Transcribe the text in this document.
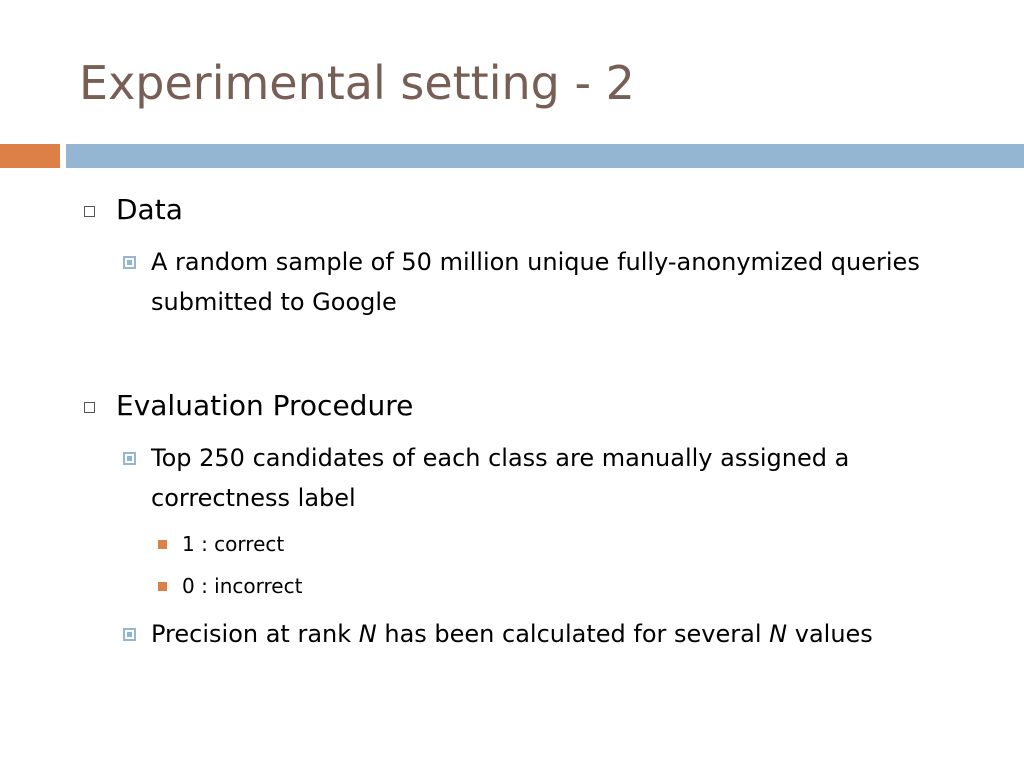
Experimental setting - 2
Data
A random sample of 50 million unique fully-anonymized queries submitted to Google
Evaluation Procedure
Top 250 candidates of each class are manually assigned a correctness label
1 : correct
0 : incorrect
Precision at rank N has been calculated for several N values
